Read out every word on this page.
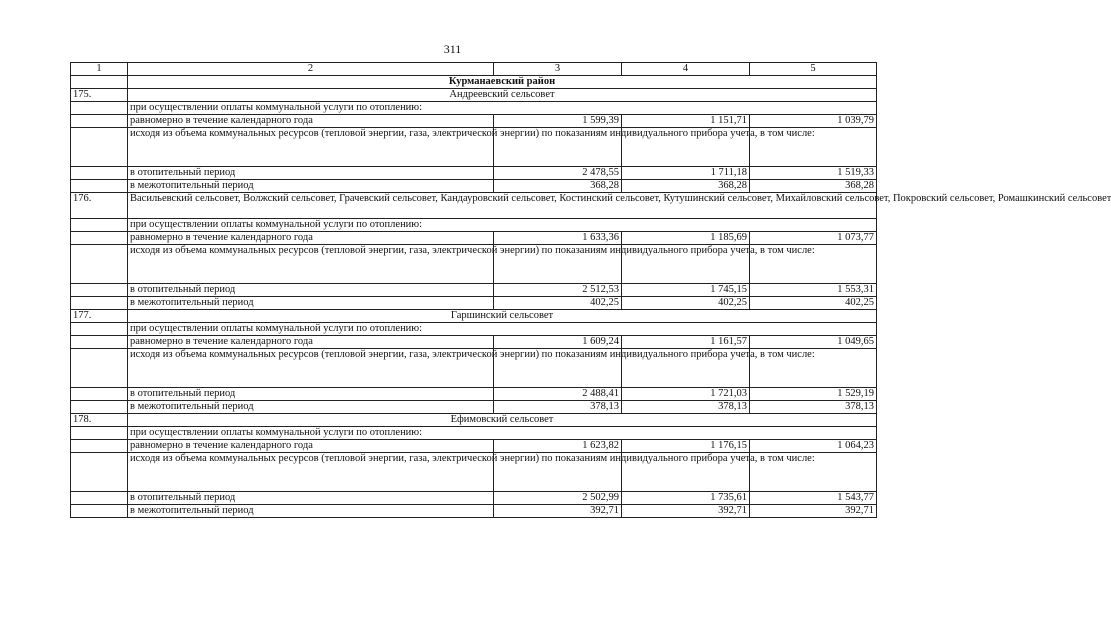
311
1	2	3	4	5
	Курманаевский район			
175.	Андреевский сельсовет			
	при осуществлении оплаты коммунальной услуги по отоплению:			
	равномерно в течение календарного года	1 599,39	1 151,71	1 039,79
	исходя из объема коммунальных ресурсов (тепловой энергии, газа, электрической энергии) по показаниям индивидуального прибора учета, в том числе:			
	в отопительный период	2 478,55	1 711,18	1 519,33
	в межотопительный период	368,28	368,28	368,28
176.	Васильевский сельсовет, Волжский сельсовет, Грачевский сельсовет, Кандауровский сельсовет, Костинский сельсовет, Кутушинский сельсовет, Михайловский сельсовет, Покровский сельсовет, Ромашкинский сельсовет			
	при осуществлении оплаты коммунальной услуги по отоплению:			
	равномерно в течение календарного года	1 633,36	1 185,69	1 073,77
	исходя из объема коммунальных ресурсов (тепловой энергии, газа, электрической энергии) по показаниям индивидуального прибора учета, в том числе:			
	в отопительный период	2 512,53	1 745,15	1 553,31
	в межотопительный период	402,25	402,25	402,25
177.	Гаршинский сельсовет			
	при осуществлении оплаты коммунальной услуги по отоплению:			
	равномерно в течение календарного года	1 609,24	1 161,57	1 049,65
	исходя из объема коммунальных ресурсов (тепловой энергии, газа, электрической энергии) по показаниям индивидуального прибора учета, в том числе:			
	в отопительный период	2 488,41	1 721,03	1 529,19
	в межотопительный период	378,13	378,13	378,13
178.	Ефимовский сельсовет			
	при осуществлении оплаты коммунальной услуги по отоплению:			
	равномерно в течение календарного года	1 623,82	1 176,15	1 064,23
	исходя из объема коммунальных ресурсов (тепловой энергии, газа, электрической энергии) по показаниям индивидуального прибора учета, в том числе:			
	в отопительный период	2 502,99	1 735,61	1 543,77
	в межотопительный период	392,71	392,71	392,71
